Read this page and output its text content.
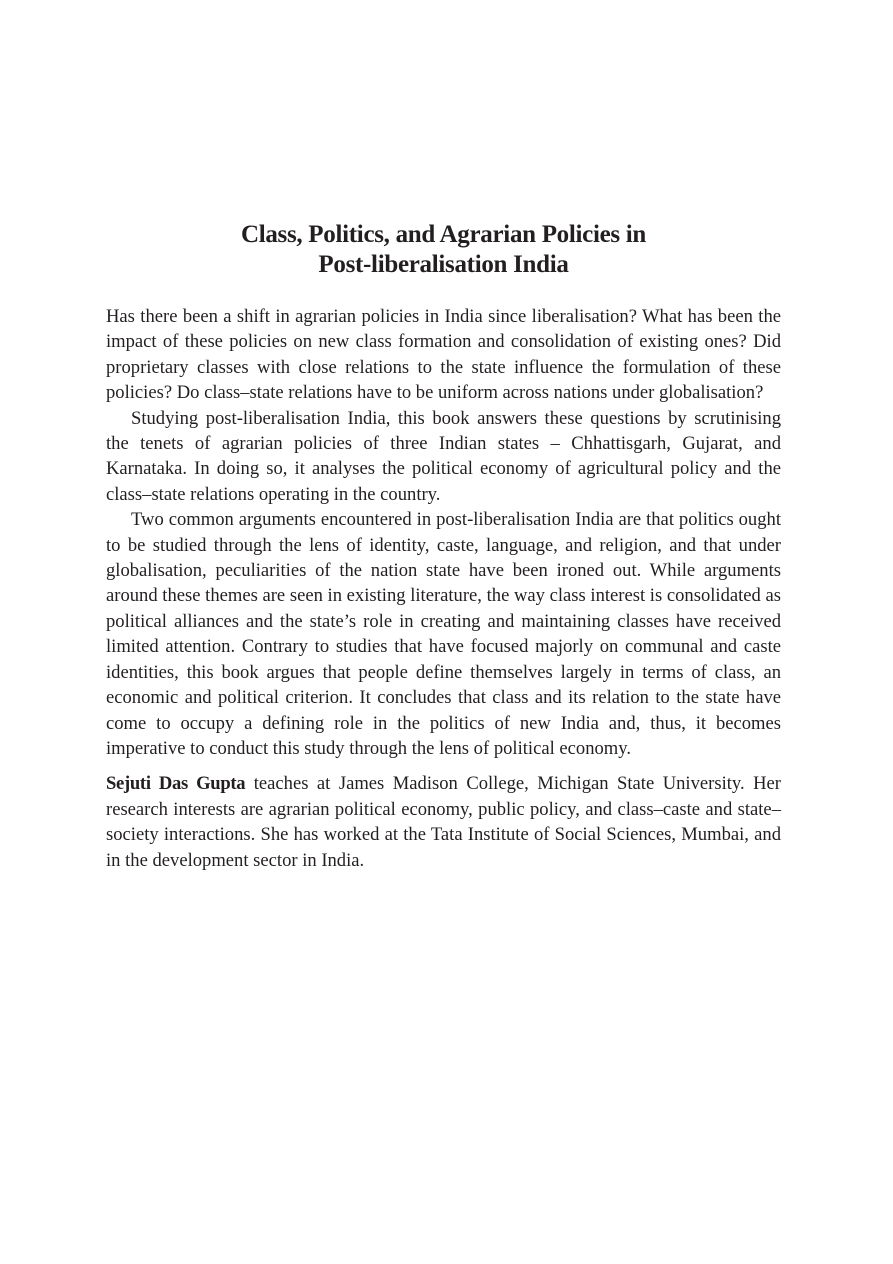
Class, Politics, and Agrarian Policies in
Post-liberalisation India

Has there been a shift in agrarian policies in India since liberalisation? What has been the impact of these policies on new class formation and consolidation of existing ones? Did proprietary classes with close relations to the state influence the formulation of these policies? Do class–state relations have to be uniform across nations under globalisation?

Studying post-liberalisation India, this book answers these questions by scrutinising the tenets of agrarian policies of three Indian states – Chhattisgarh, Gujarat, and Karnataka. In doing so, it analyses the political economy of agricultural policy and the class–state relations operating in the country.

Two common arguments encountered in post-liberalisation India are that politics ought to be studied through the lens of identity, caste, language, and religion, and that under globalisation, peculiarities of the nation state have been ironed out. While arguments around these themes are seen in existing literature, the way class interest is consolidated as political alliances and the state’s role in creating and maintaining classes have received limited attention. Contrary to studies that have focused majorly on communal and caste identities, this book argues that people define themselves largely in terms of class, an economic and political criterion. It concludes that class and its relation to the state have come to occupy a defining role in the politics of new India and, thus, it becomes imperative to conduct this study through the lens of political economy.

Sejuti Das Gupta teaches at James Madison College, Michigan State University. Her research interests are agrarian political economy, public policy, and class–caste and state–society interactions. She has worked at the Tata Institute of Social Sciences, Mumbai, and in the development sector in India.
